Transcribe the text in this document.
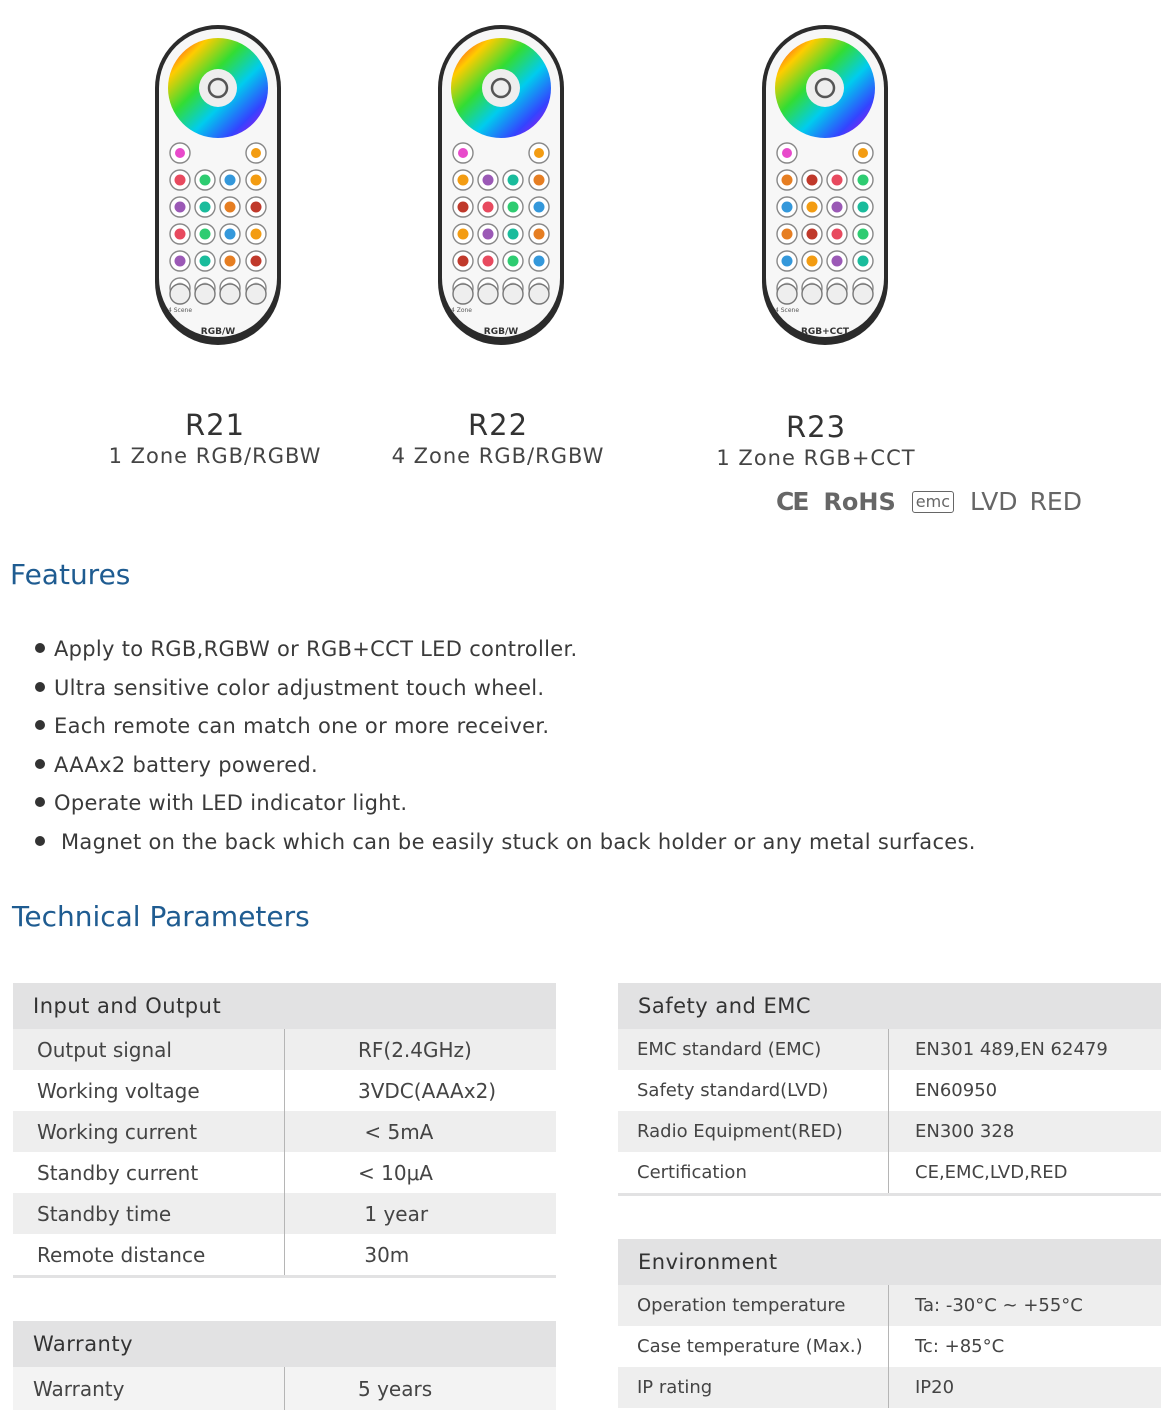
4 Scene
RGB/W
4 Zone
RGB/W
4 Scene
RGB+CCT
R21
1 Zone RGB/RGBW
R22
4 Zone RGB/RGBW
R23
1 Zone RGB+CCT
CE RoHS emc LVD RED
Features
Apply to RGB,RGBW or RGB+CCT LED controller.
Ultra sensitive color adjustment touch wheel.
Each remote can match one or more receiver.
AAAx2 battery powered.
Operate with LED indicator light.
Magnet on the back which can be easily stuck on back holder or any metal surfaces.
Technical Parameters
Input and Output
Output signal	RF(2.4GHz)
Working voltage	3VDC(AAAx2)
Working current	< 5mA
Standby current	< 10μA
Standby time	1 year
Remote distance	30m
Warranty
Warranty	5 years
Safety and EMC
EMC standard (EMC)	EN301 489,EN 62479
Safety standard(LVD)	EN60950
Radio Equipment(RED)	EN300 328
Certification	CE,EMC,LVD,RED
Environment
Operation temperature	Ta: -30°C ~ +55°C
Case temperature (Max.)	Tc: +85°C
IP rating	IP20
